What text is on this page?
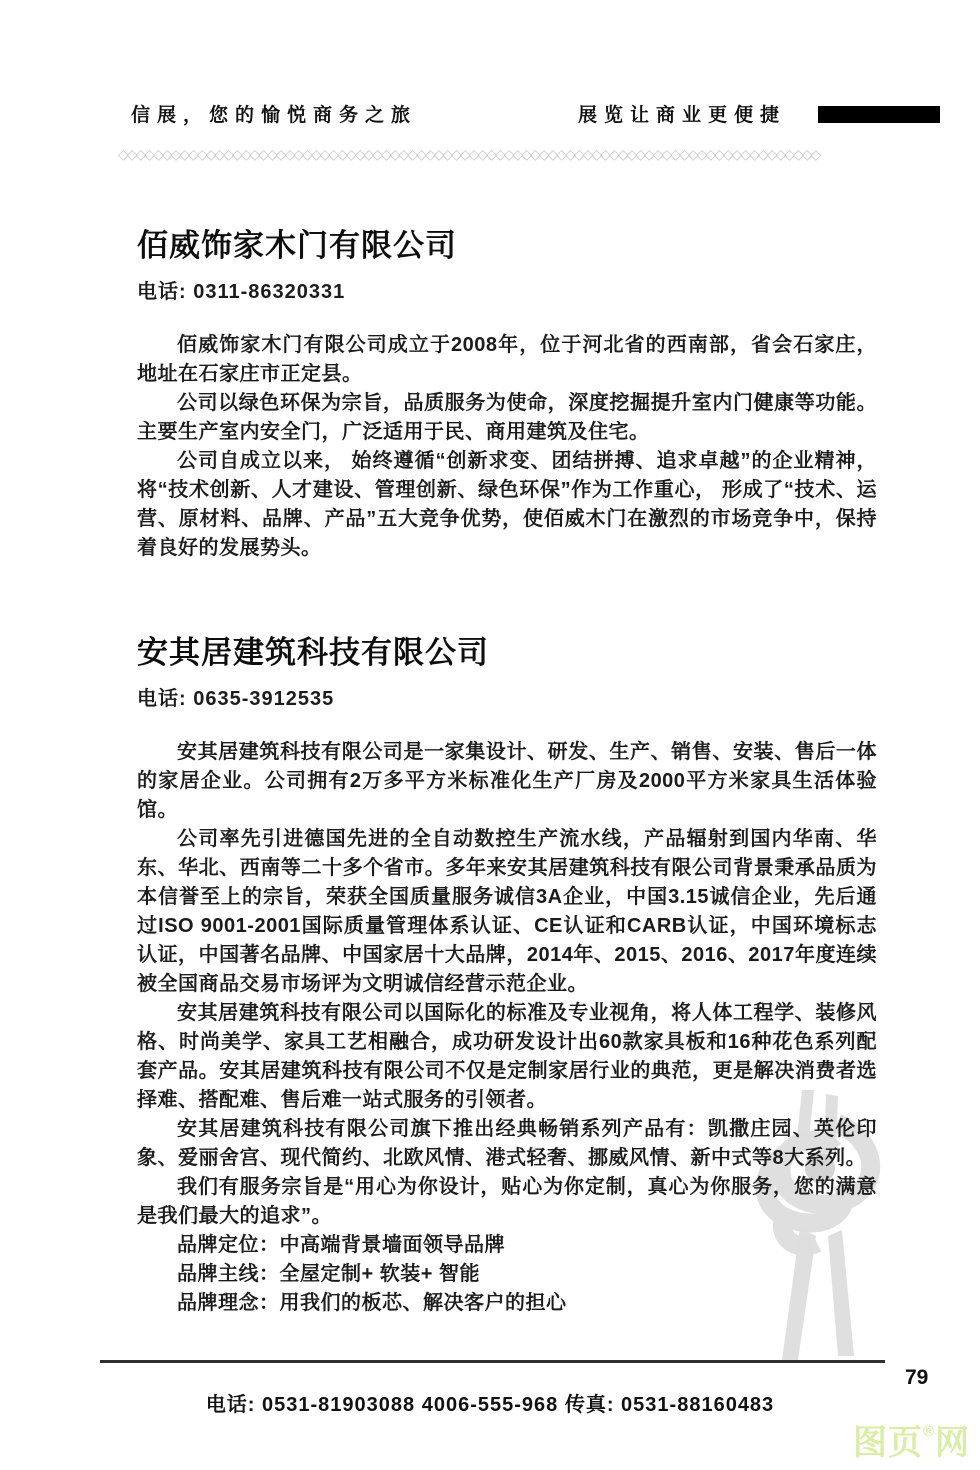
信展，您的愉悦商务之旅	展览让商业更便捷
◇◇◇◇◇◇◇◇◇◇◇◇◇◇◇◇◇◇◇◇◇◇◇◇◇◇◇◇◇◇◇◇◇◇◇◇◇◇◇◇◇◇◇◇◇◇◇◇◇◇◇◇◇◇◇◇◇◇◇◇◇◇◇◇◇◇◇◇◇◇◇◇◇◇◇◇◇◇◇◇
佰威饰家木门有限公司
电话: 0311-86320331

佰威饰家木门有限公司成立于2008年，位于河北省的西南部，省会石家庄，地址在石家庄市正定县。

公司以绿色环保为宗旨，品质服务为使命，深度挖掘提升室内门健康等功能。主要生产室内安全门，广泛适用于民、商用建筑及住宅。

公司自成立以来， 始终遵循“创新求变、团结拼搏、追求卓越”的企业精神，将“技术创新、人才建设、管理创新、绿色环保”作为工作重心， 形成了“技术、运营、原材料、品牌、产品”五大竞争优势，使佰威木门在激烈的市场竞争中，保持着良好的发展势头。

安其居建筑科技有限公司
电话: 0635-3912535

安其居建筑科技有限公司是一家集设计、研发、生产、销售、安装、售后一体的家居企业。公司拥有2万多平方米标准化生产厂房及2000平方米家具生活体验馆。

公司率先引进德国先进的全自动数控生产流水线，产品辐射到国内华南、华东、华北、西南等二十多个省市。多年来安其居建筑科技有限公司背景秉承品质为本信誉至上的宗旨，荣获全国质量服务诚信3A企业，中国3.15诚信企业，先后通过ISO 9001-2001国际质量管理体系认证、CE认证和CARB认证，中国环境标志认证，中国著名品牌、中国家居十大品牌，2014年、2015、2016、2017年度连续被全国商品交易市场评为文明诚信经营示范企业。

安其居建筑科技有限公司以国际化的标准及专业视角，将人体工程学、装修风格、时尚美学、家具工艺相融合，成功研发设计出60款家具板和16种花色系列配套产品。安其居建筑科技有限公司不仅是定制家居行业的典范，更是解决消费者选择难、搭配难、售后难一站式服务的引领者。

安其居建筑科技有限公司旗下推出经典畅销系列产品有：凯撒庄园、英伦印象、爱丽舍宫、现代简约、北欧风情、港式轻奢、挪威风情、新中式等8大系列。

我们有服务宗旨是“用心为你设计，贴心为你定制，真心为你服务，您的满意是我们最大的追求”。

品牌定位：中高端背景墙面领导品牌

品牌主线：全屋定制+ 软装+ 智能

品牌理念：用我们的板芯、解决客户的担心

79
电话: 0531-81903088 4006-555-968 传真: 0531-88160483
图页®网
